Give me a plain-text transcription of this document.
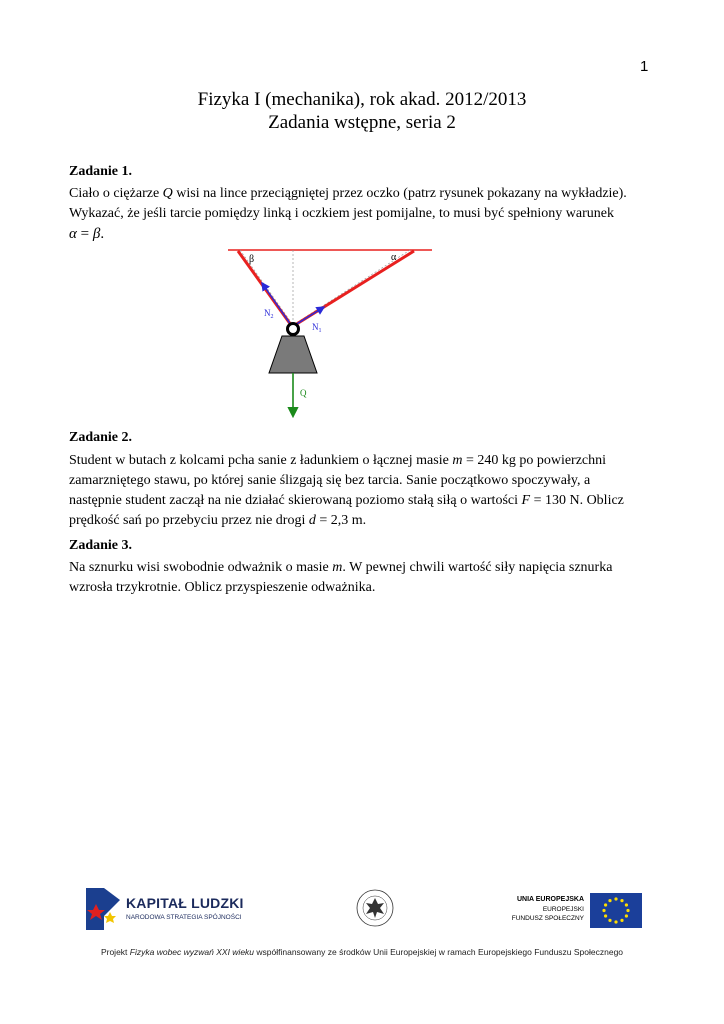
1
Fizyka I (mechanika), rok akad. 2012/2013
Zadania wstępne, seria 2
Zadanie 1.
Ciało o ciężarze Q wisi na lince przeciągniętej przez oczko (patrz rysunek pokazany na wykładzie).
Wykazać, że jeśli tarcie pomiędzy linką i oczkiem jest pomijalne, to musi być spełniony warunek
α = β.
β	α
$N_2$
$N_1$
Q
Zadanie 2.
Student w butach z kolcami pcha sanie z ładunkiem o łącznej masie m = 240 kg po powierzchni
zamarzniętego stawu, po której sanie ślizgają się bez tarcia. Sanie początkowo spoczywały, a
następnie student zaczął na nie działać skierowaną poziomo stałą siłą o wartości F = 130 N. Oblicz
prędkość sań po przebyciu przez nie drogi d = 2,3 m.
Zadanie 3.
Na sznurku wisi swobodnie odważnik o masie m. W pewnej chwili wartość siły napięcia sznurka
wzrosła trzykrotnie. Oblicz przyspieszenie odważnika.
KAPITAŁ LUDZKI
NARODOWA STRATEGIA SPÓJNOŚCI
UNIA EUROPEJSKA
EUROPEJSKI
FUNDUSZ SPOŁECZNY
Projekt Fizyka wobec wyzwań XXI wieku współfinansowany ze środków Unii Europejskiej w ramach Europejskiego Funduszu Społecznego
